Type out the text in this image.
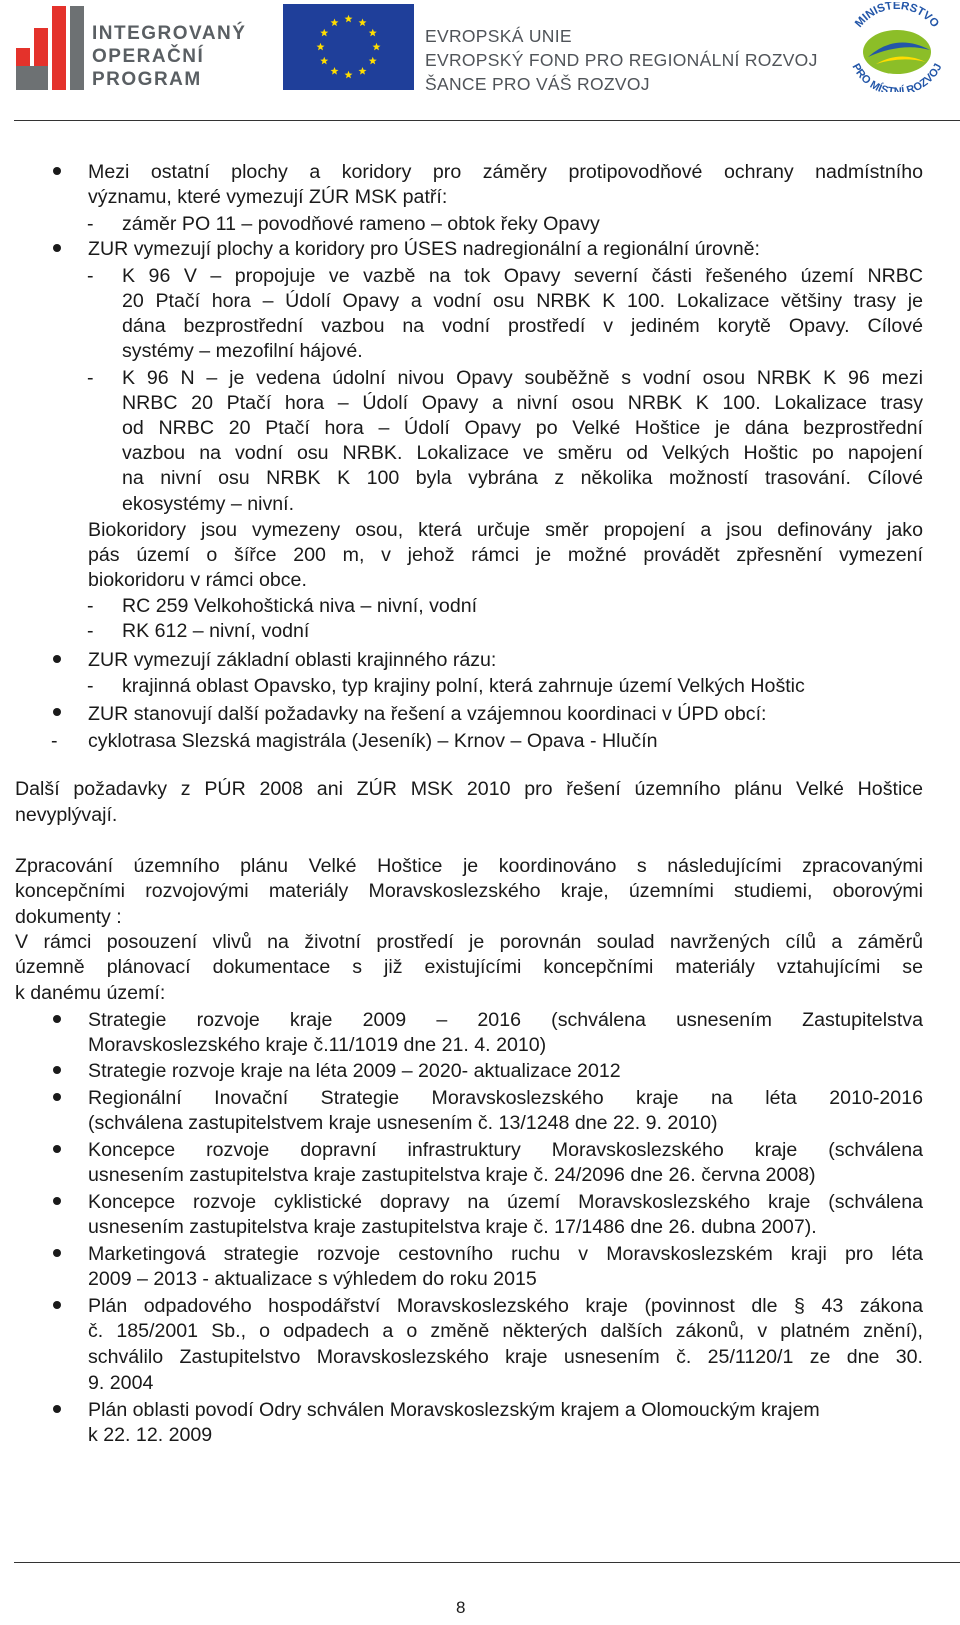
INTEGROVANÝ
OPERAČNÍ
PROGRAM
EVROPSKÁ UNIE
EVROPSKÝ FOND PRO REGIONÁLNÍ ROZVOJ
ŠANCE PRO VÁŠ ROZVOJ
MINISTERSTVO
PRO MÍSTNÍ ROZVOJ
-
-
-
-
-
-
-
Mezi ostatní plochy a koridory pro záměry protipovodňové ochrany nadmístního
významu, které vymezují ZÚR MSK patří:
záměr PO 11 – povodňové rameno – obtok řeky Opavy
ZUR vymezují plochy a koridory pro ÚSES nadregionální a regionální úrovně:
K 96 V – propojuje ve vazbě na tok Opavy severní části řešeného území NRBC
20 Ptačí hora – Údolí Opavy a vodní osu NRBK K 100. Lokalizace většiny trasy je
dána bezprostřední vazbou na vodní prostředí v jediném korytě Opavy. Cílové
systémy – mezofilní hájové.
K 96 N – je vedena údolní nivou Opavy souběžně s vodní osou NRBK K 96 mezi
NRBC 20 Ptačí hora – Údolí Opavy a nivní osou NRBK K 100. Lokalizace trasy
od NRBC 20 Ptačí hora – Údolí Opavy po Velké Hoštice je dána bezprostřední
vazbou na vodní osu NRBK. Lokalizace ve směru od Velkých Hoštic po napojení
na nivní osu NRBK K 100 byla vybrána z několika možností trasování. Cílové
ekosystémy – nivní.
Biokoridory jsou vymezeny osou, která určuje směr propojení a jsou definovány jako
pás území o šířce 200 m, v jehož rámci je možné provádět zpřesnění vymezení
biokoridoru v rámci obce.
RC 259 Velkohoštická niva – nivní, vodní
RK 612 – nivní, vodní
ZUR vymezují základní oblasti krajinného rázu:
krajinná oblast Opavsko, typ krajiny polní, která zahrnuje území Velkých Hoštic
ZUR stanovují další požadavky na řešení a vzájemnou koordinaci v ÚPD obcí:
cyklotrasa Slezská magistrála (Jeseník) – Krnov – Opava - Hlučín
Další požadavky z PÚR 2008 ani ZÚR MSK 2010 pro řešení územního plánu Velké Hoštice
nevyplývají.
Zpracování územního plánu Velké Hoštice je koordinováno s následujícími zpracovanými
koncepčními rozvojovými materiály Moravskoslezského kraje, územními studiemi, oborovými
dokumenty :
V rámci posouzení vlivů na životní prostředí je porovnán soulad navržených cílů a záměrů
územně plánovací dokumentace s již existujícími koncepčními materiály vztahujícími se
k danému území:
Strategie rozvoje kraje 2009 – 2016 (schválena usnesením Zastupitelstva
Moravskoslezského kraje č.11/1019 dne 21. 4. 2010)
Strategie rozvoje kraje na léta 2009 – 2020- aktualizace 2012
Regionální Inovační Strategie Moravskoslezského kraje na léta 2010-2016
(schválena zastupitelstvem kraje usnesením č. 13/1248 dne 22. 9. 2010)
Koncepce rozvoje dopravní infrastruktury Moravskoslezského kraje (schválena
usnesením zastupitelstva kraje zastupitelstva kraje č. 24/2096 dne 26. června 2008)
Koncepce rozvoje cyklistické dopravy na území Moravskoslezského kraje (schválena
usnesením zastupitelstva kraje zastupitelstva kraje č. 17/1486 dne 26. dubna 2007).
Marketingová strategie rozvoje cestovního ruchu v Moravskoslezském kraji pro léta
2009 – 2013 - aktualizace s výhledem do roku 2015
Plán odpadového hospodářství Moravskoslezského kraje (povinnost dle § 43 zákona
č. 185/2001 Sb., o odpadech a o změně některých dalších zákonů, v platném znění),
schválilo Zastupitelstvo Moravskoslezského kraje usnesením č. 25/1120/1 ze dne 30.
9. 2004
Plán oblasti povodí Odry schválen Moravskoslezským krajem a Olomouckým krajem
k 22. 12. 2009
8
